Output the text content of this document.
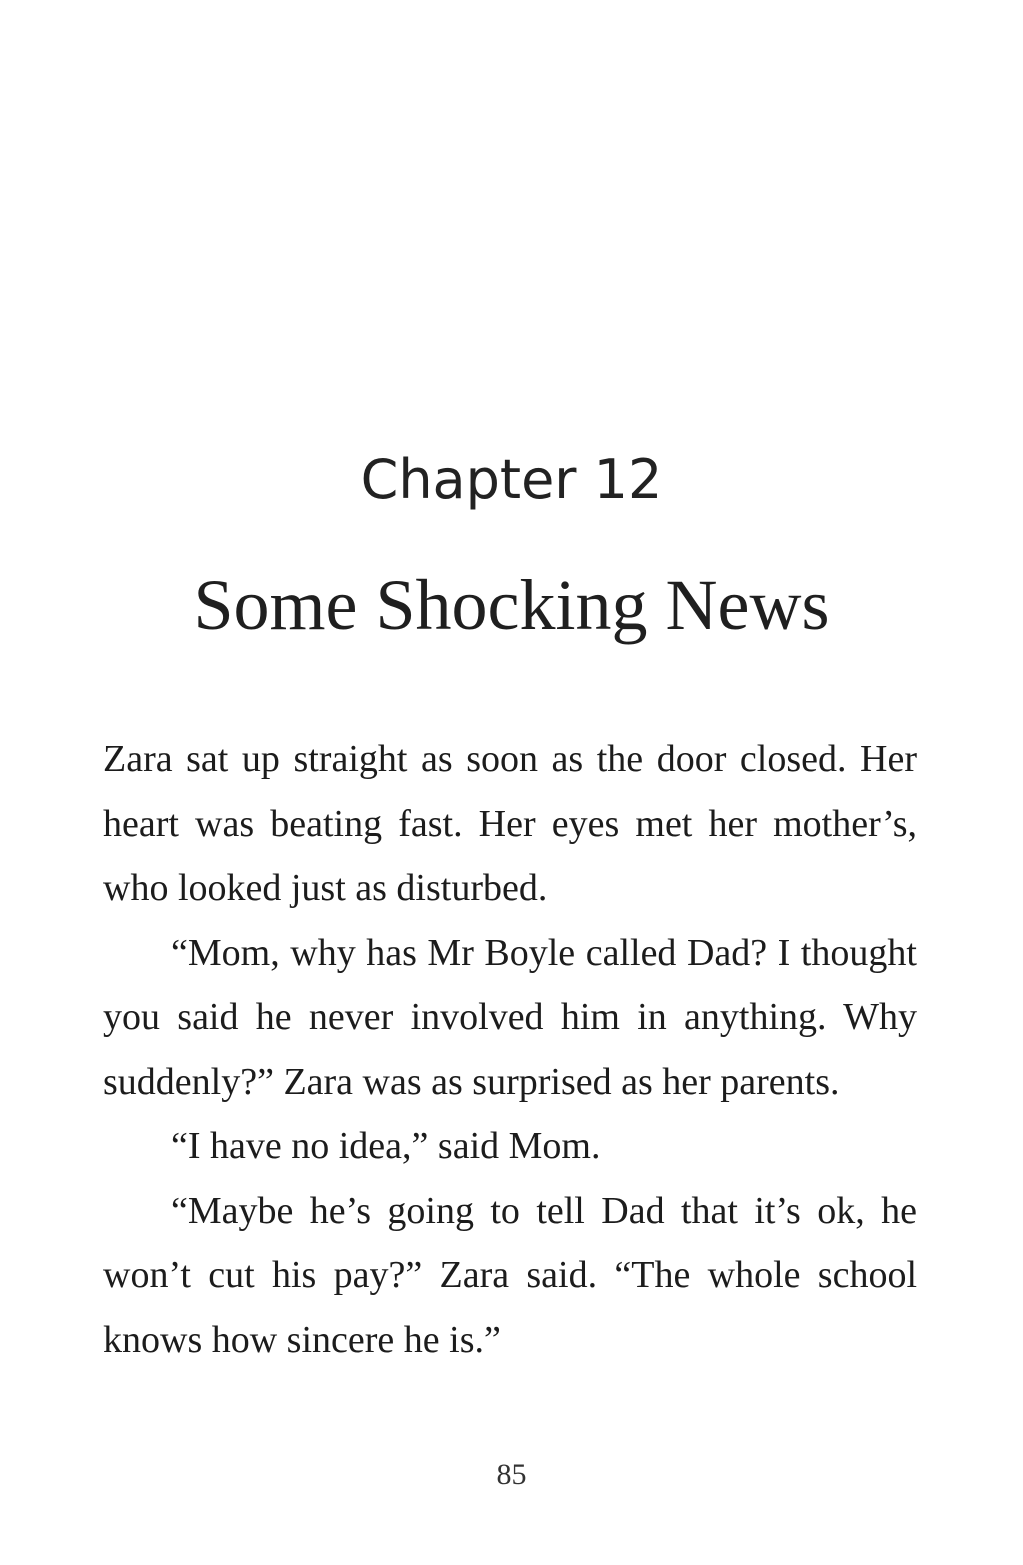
Chapter 12
Some Shocking News

Zara sat up straight as soon as the door closed. Her heart was beating fast. Her eyes met her mother’s, who looked just as disturbed.

“Mom, why has Mr Boyle called Dad? I thought you said he never involved him in anything. Why suddenly?” Zara was as surprised as her parents.

“I have no idea,” said Mom.

“Maybe he’s going to tell Dad that it’s ok, he won’t cut his pay?” Zara said. “The whole school knows how sincere he is.”

85
